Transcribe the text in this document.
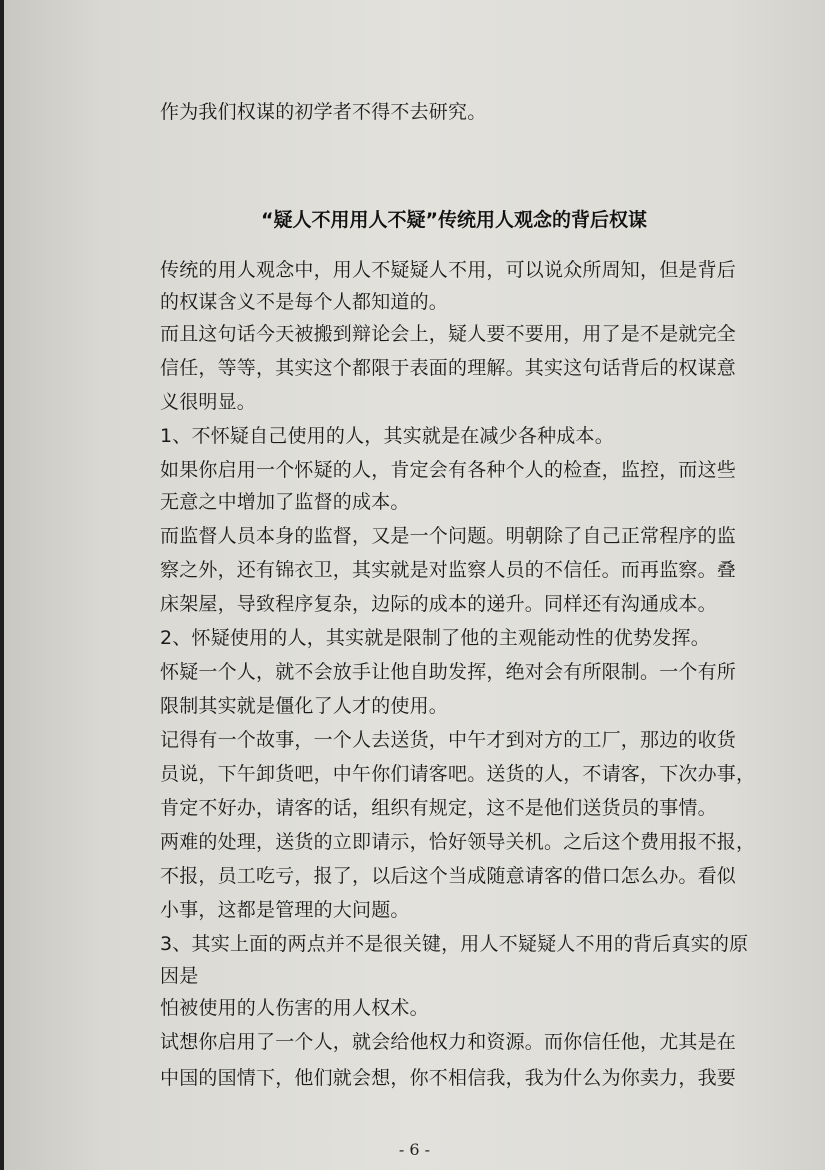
作为我们权谋的初学者不得不去研究。
“疑人不用用人不疑”传统用人观念的背后权谋
传统的用人观念中，用人不疑疑人不用，可以说众所周知，但是背后
的权谋含义不是每个人都知道的。
而且这句话今天被搬到辩论会上，疑人要不要用，用了是不是就完全
信任，等等，其实这个都限于表面的理解。其实这句话背后的权谋意
义很明显。
1、不怀疑自己使用的人，其实就是在减少各种成本。
如果你启用一个怀疑的人，肯定会有各种个人的检查，监控，而这些
无意之中增加了监督的成本。
而监督人员本身的监督，又是一个问题。明朝除了自己正常程序的监
察之外，还有锦衣卫，其实就是对监察人员的不信任。而再监察。叠
床架屋，导致程序复杂，边际的成本的递升。同样还有沟通成本。
2、怀疑使用的人，其实就是限制了他的主观能动性的优势发挥。
怀疑一个人，就不会放手让他自助发挥，绝对会有所限制。一个有所
限制其实就是僵化了人才的使用。
记得有一个故事，一个人去送货，中午才到对方的工厂，那边的收货
员说，下午卸货吧，中午你们请客吧。送货的人，不请客，下次办事，
肯定不好办，请客的话，组织有规定，这不是他们送货员的事情。
两难的处理，送货的立即请示，恰好领导关机。之后这个费用报不报，
不报，员工吃亏，报了，以后这个当成随意请客的借口怎么办。看似
小事，这都是管理的大问题。
3、其实上面的两点并不是很关键，用人不疑疑人不用的背后真实的原
因是
怕被使用的人伤害的用人权术。
试想你启用了一个人，就会给他权力和资源。而你信任他，尤其是在
中国的国情下，他们就会想，你不相信我，我为什么为你卖力，我要
- 6 -
